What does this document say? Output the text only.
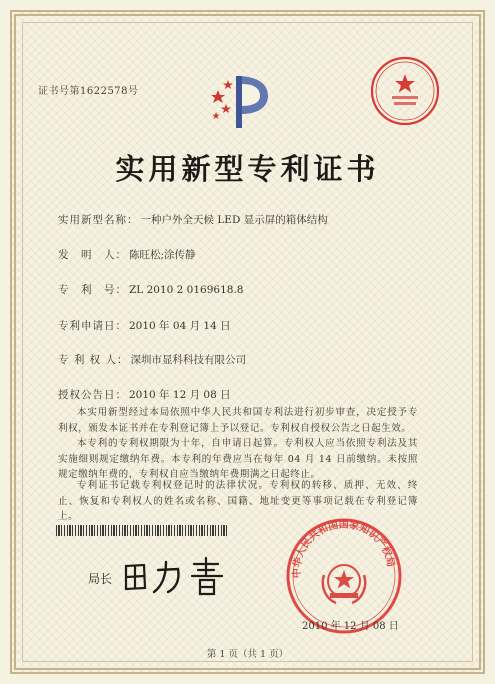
证书号第1622578号
实用新型专利证书
实用新型名称： 一种户外全天候 LED 显示屏的箱体结构
发　明　人： 陈旺松;涂传静
专　利　号： ZL 2010 2 0169618.8
专利申请日： 2010 年 04 月 14 日
专 利 权 人： 深圳市显科科技有限公司
授权公告日： 2010 年 12 月 08 日
本实用新型经过本局依照中华人民共和国专利法进行初步审查，决定授予专利权，颁发本证书并在专利登记簿上予以登记。专利权自授权公告之日起生效。
本专利的专利权期限为十年，自申请日起算。专利权人应当依照专利法及其实施细则规定缴纳年费。本专利的年费应当在每年 04 月 14 日前缴纳。未按照规定缴纳年费的，专利权自应当缴纳年费期满之日起终止。
专利证书记载专利权登记时的法律状况。专利权的转移、质押、无效、终止、恢复和专利权人的姓名或名称、国籍、地址变更等事项记载在专利登记簿上。
局长	中华人民共和国国家知识产权局
2010 年 12 月 08 日
第 1 页（共 1 页）
